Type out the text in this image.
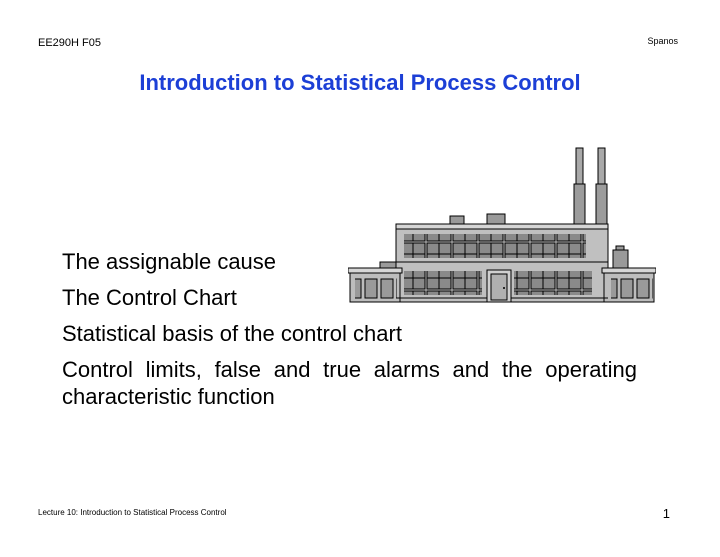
EE290H F05	Spanos
Introduction to Statistical Process Control
The assignable cause
The Control Chart
Statistical basis of the control chart
Control limits, false and true alarms and the operating characteristic function
Lecture 10: Introduction to Statistical Process Control	1
